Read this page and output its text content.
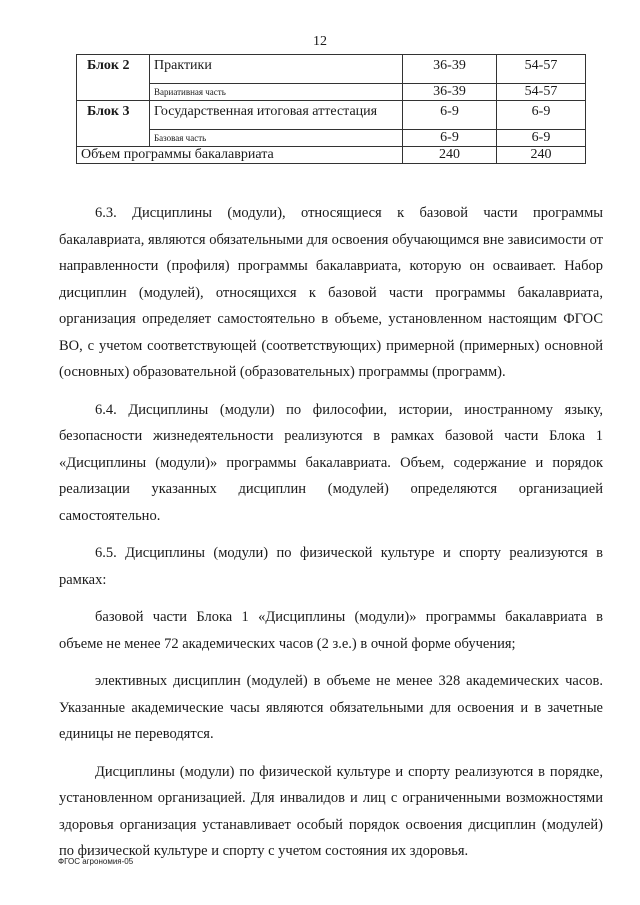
12
Блок 2	Практики	36-39	54-57
	Вариативная часть	36-39	54-57
Блок 3	Государственная итоговая аттестация	6-9	6-9
	Базовая часть	6-9	6-9
Объем программы бакалавриата		240	240

6.3. Дисциплины (модули), относящиеся к базовой части программы бакалавриата, являются обязательными для освоения обучающимся вне зависимости от направленности (профиля) программы бакалавриата, которую он осваивает. Набор дисциплин (модулей), относящихся к базовой части программы бакалавриата, организация определяет самостоятельно в объеме, установленном настоящим ФГОС ВО, с учетом соответствующей (соответствующих) примерной (примерных) основной (основных) образовательной (образовательных) программы (программ).

6.4. Дисциплины (модули) по философии, истории, иностранному языку, безопасности жизнедеятельности реализуются в рамках базовой части Блока 1 «Дисциплины (модули)» программы бакалавриата. Объем, содержание и порядок реализации указанных дисциплин (модулей) определяются организацией самостоятельно.

6.5. Дисциплины (модули) по физической культуре и спорту реализуются в рамках:

базовой части Блока 1 «Дисциплины (модули)» программы бакалавриата в объеме не менее 72 академических часов (2 з.е.) в очной форме обучения;

элективных дисциплин (модулей) в объеме не менее 328 академических часов. Указанные академические часы являются обязательными для освоения и в зачетные единицы не переводятся.

Дисциплины (модули) по физической культуре и спорту реализуются в порядке, установленном организацией. Для инвалидов и лиц с ограниченными возможностями здоровья организация устанавливает особый порядок освоения дисциплин (модулей) по физической культуре и спорту с учетом состояния их здоровья.

ФГОС агрономия-05
